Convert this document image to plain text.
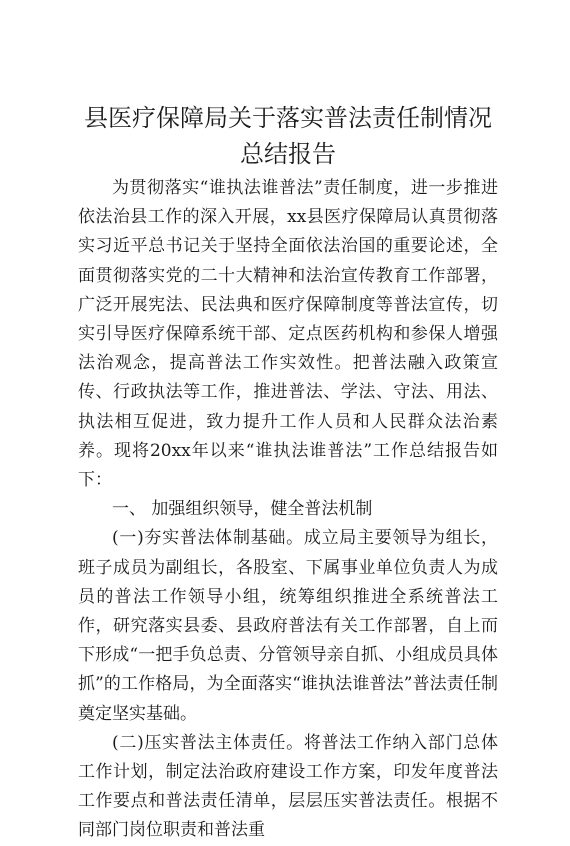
县医疗保障局关于落实普法责任制情况总结报告

为贯彻落实“谁执法谁普法”责任制度，进一步推进依法治县工作的深入开展，xx县医疗保障局认真贯彻落实习近平总书记关于坚持全面依法治国的重要论述，全面贯彻落实党的二十大精神和法治宣传教育工作部署，广泛开展宪法、民法典和医疗保障制度等普法宣传，切实引导医疗保障系统干部、定点医药机构和参保人增强法治观念，提高普法工作实效性。把普法融入政策宣传、行政执法等工作，推进普法、学法、守法、用法、执法相互促进，致力提升工作人员和人民群众法治素养。现将20xx年以来“谁执法谁普法”工作总结报告如下：

一、 加强组织领导，健全普法机制

(一)夯实普法体制基础。成立局主要领导为组长，班子成员为副组长，各股室、下属事业单位负责人为成员的普法工作领导小组，统筹组织推进全系统普法工作，研究落实县委、县政府普法有关工作部署，自上而下形成“一把手负总责、分管领导亲自抓、小组成员具体抓”的工作格局，为全面落实“谁执法谁普法”普法责任制奠定坚实基础。

(二)压实普法主体责任。将普法工作纳入部门总体工作计划，制定法治政府建设工作方案，印发年度普法工作要点和普法责任清单，层层压实普法责任。根据不同部门岗位职责和普法重
